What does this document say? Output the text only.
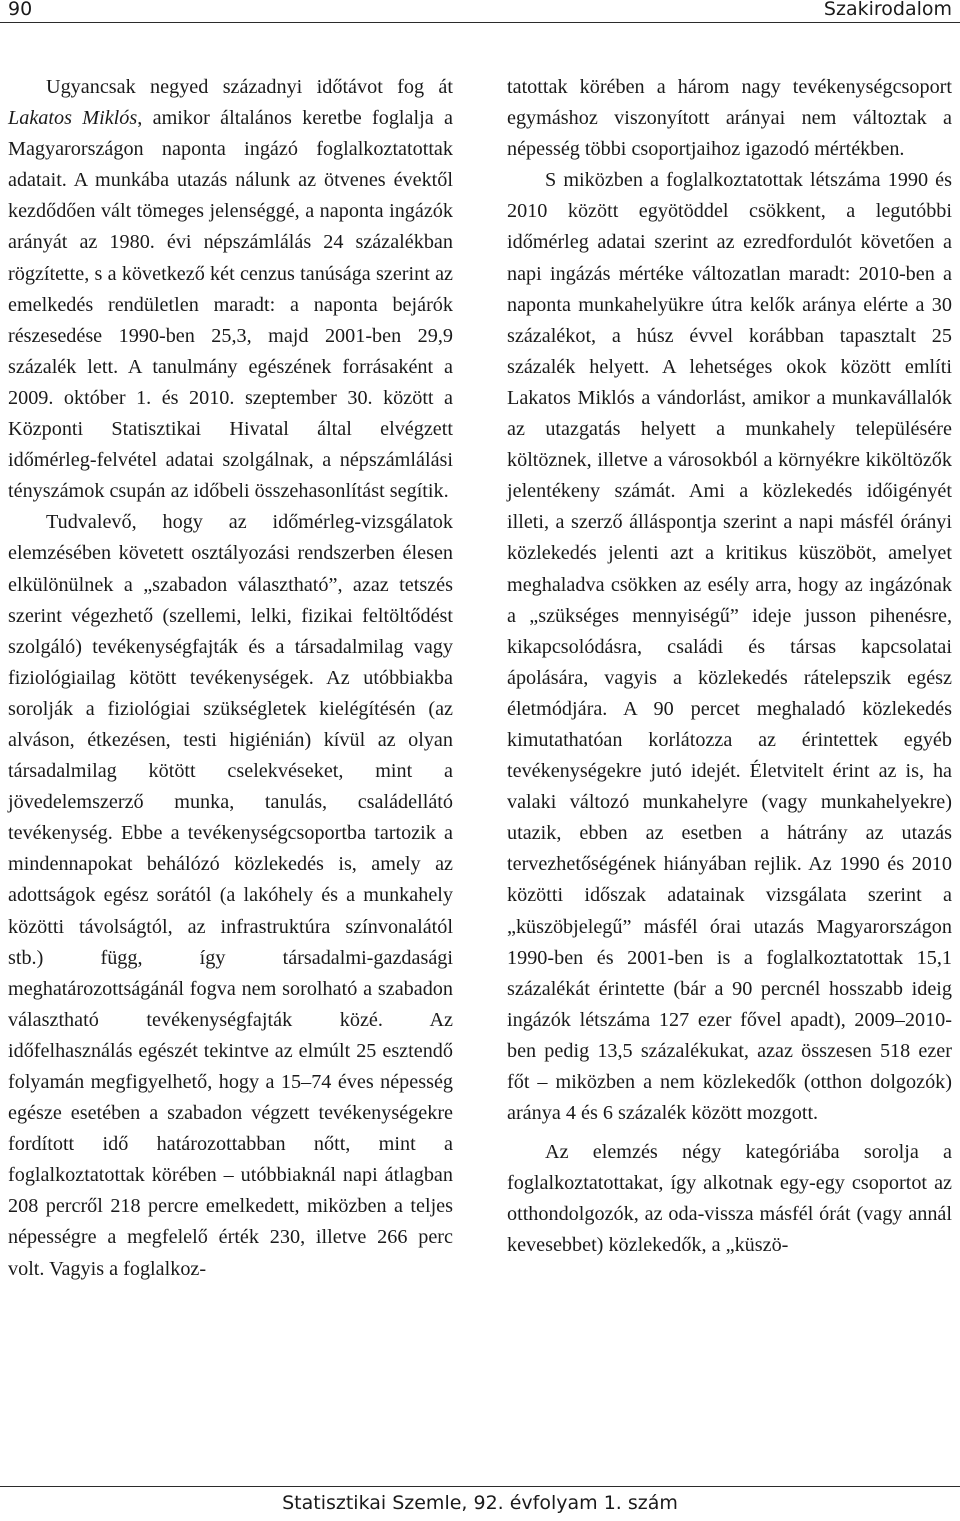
90	Szakirodalom

Ugyancsak negyed századnyi időtávot fog át Lakatos Miklós, amikor általános keretbe foglalja a Magyarországon naponta ingázó foglalkoztatottak adatait. A munkába utazás nálunk az ötvenes évektől kezdődően vált tömeges jelenséggé, a naponta ingázók arányát az 1980. évi népszámlálás 24 százalékban rögzítette, s a következő két cenzus tanúsága szerint az emelkedés rendületlen maradt: a naponta bejárók részesedése 1990-ben 25,3, majd 2001-ben 29,9 százalék lett. A tanulmány egészének forrásaként a 2009. október 1. és 2010. szeptember 30. között a Központi Statisztikai Hivatal által elvégzett időmérleg-felvétel adatai szolgálnak, a népszámlálási tényszámok csupán az időbeli összehasonlítást segítik.

Tudvalevő, hogy az időmérleg-vizsgálatok elemzésében követett osztályozási rendszerben élesen elkülönülnek a „szabadon választható”, azaz tetszés szerint végezhető (szellemi, lelki, fizikai feltöltődést szolgáló) tevékenységfajták és a társadalmilag vagy fiziológiailag kötött tevékenységek. Az utóbbiakba sorolják a fiziológiai szükségletek kielégítésén (az alváson, étkezésen, testi higiénián) kívül az olyan társadalmilag kötött cselekvéseket, mint a jövedelemszerző munka, tanulás, családellátó tevékenység. Ebbe a tevékenységcsoportba tartozik a mindennapokat behálózó közlekedés is, amely az adottságok egész sorától (a lakóhely és a munkahely közötti távolságtól, az infrastruktúra színvonalától stb.) függ, így társadalmi-gazdasági meghatározottságánál fogva nem sorolható a szabadon választható tevékenységfajták közé. Az időfelhasználás egészét tekintve az elmúlt 25 esztendő folyamán megfigyelhető, hogy a 15–74 éves népesség egésze esetében a szabadon végzett tevékenységekre fordított idő határozottabban nőtt, mint a foglalkoztatottak körében – utóbbiaknál napi átlagban 208 percről 218 percre emelkedett, miközben a teljes népességre a megfelelő érték 230, illetve 266 perc volt. Vagyis a foglalkoz-

tatottak körében a három nagy tevékenységcsoport egymáshoz viszonyított arányai nem változtak a népesség többi csoportjaihoz igazodó mértékben.

S miközben a foglalkoztatottak létszáma 1990 és 2010 között egyötöddel csökkent, a legutóbbi időmérleg adatai szerint az ezredfordulót követően a napi ingázás mértéke változatlan maradt: 2010-ben a naponta munkahelyükre útra kelők aránya elérte a 30 százalékot, a húsz évvel korábban tapasztalt 25 százalék helyett. A lehetséges okok között említi Lakatos Miklós a vándorlást, amikor a munkavállalók az utazgatás helyett a munkahely településére költöznek, illetve a városokból a környékre kiköltözők jelentékeny számát. Ami a közlekedés időigényét illeti, a szerző álláspontja szerint a napi másfél órányi közlekedés jelenti azt a kritikus küszöböt, amelyet meghaladva csökken az esély arra, hogy az ingázónak a „szükséges mennyiségű” ideje jusson pihenésre, kikapcsolódásra, családi és társas kapcsolatai ápolására, vagyis a közlekedés rátelepszik egész életmódjára. A 90 percet meghaladó közlekedés kimutathatóan korlátozza az érintettek egyéb tevékenységekre jutó idejét. Életvitelt érint az is, ha valaki változó munkahelyre (vagy munkahelyekre) utazik, ebben az esetben a hátrány az utazás tervezhetőségének hiányában rejlik. Az 1990 és 2010 közötti időszak adatainak vizsgálata szerint a „küszöbjelegű” másfél órai utazás Magyarországon 1990-ben és 2001-ben is a foglalkoztatottak 15,1 százalékát érintette (bár a 90 percnél hosszabb ideig ingázók létszáma 127 ezer fővel apadt), 2009–2010-ben pedig 13,5 százalékukat, azaz összesen 518 ezer főt – miközben a nem közlekedők (otthon dolgozók) aránya 4 és 6 százalék között mozgott.

Az elemzés négy kategóriába sorolja a foglalkoztatottakat, így alkotnak egy-egy csoportot az otthondolgozók, az oda-vissza másfél órát (vagy annál kevesebbet) közlekedők, a „küszö-

Statisztikai Szemle, 92. évfolyam 1. szám
